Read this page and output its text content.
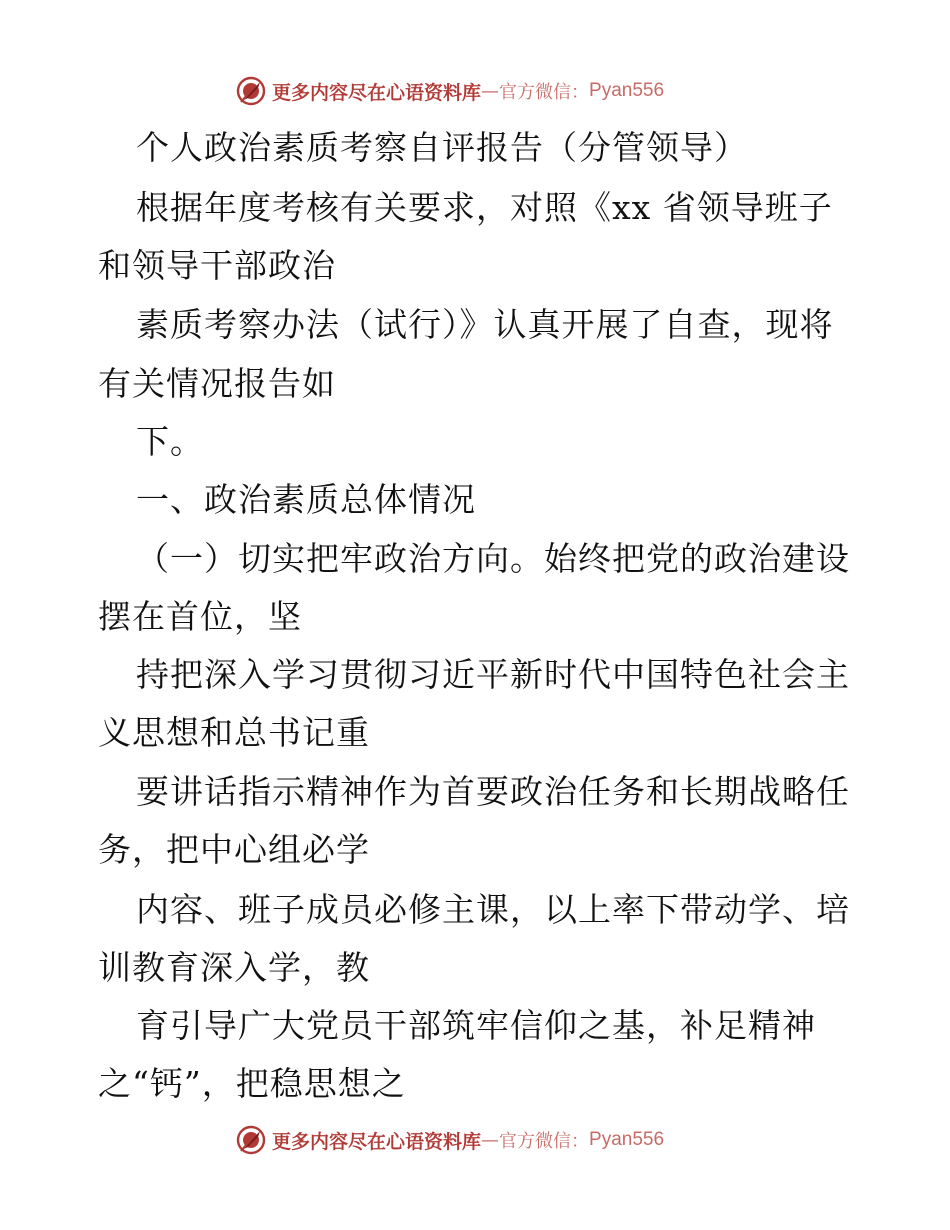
更多内容尽在心语资料库 — 官方微信： Pyan556
个人政治素质考察自评报告（分管领导）
根据年度考核有关要求，对照《xx 省领导班子
和领导干部政治
素质考察办法（试行）》认真开展了自查，现将
有关情况报告如
下。
一、政治素质总体情况
（一）切实把牢政治方向。始终把党的政治建设
摆在首位，坚
持把深入学习贯彻习近平新时代中国特色社会主
义思想和总书记重
要讲话指示精神作为首要政治任务和长期战略任
务，把中心组必学
内容、班子成员必修主课，以上率下带动学、培
训教育深入学，教
育引导广大党员干部筑牢信仰之基，补足精神
之“钙”，把稳思想之
更多内容尽在心语资料库 — 官方微信： Pyan556
